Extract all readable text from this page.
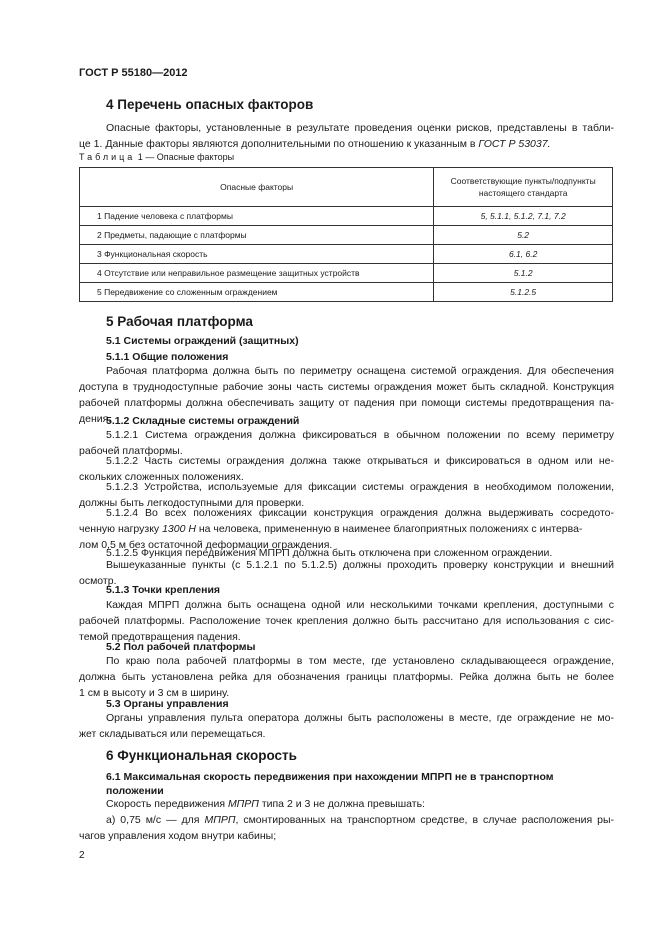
ГОСТ Р 55180—2012
4 Перечень опасных факторов
Опасные факторы, установленные в результате проведения оценки рисков, представлены в табли-
це 1. Данные факторы являются дополнительными по отношению к указанным в ГОСТ Р 53037.
Таблица 1 — Опасные факторы
Опасные факторы	Соответствующие пункты/подпункты
настоящего стандарта
1 Падение человека с платформы	5, 5.1.1, 5.1.2, 7.1, 7.2
2 Предметы, падающие с платформы	5.2
3 Функциональная скорость	6.1, 6.2
4 Отсутствие или неправильное размещение защитных устройств	5.1.2
5 Передвижение со сложенным ограждением	5.1.2.5
5 Рабочая платформа
5.1 Системы ограждений (защитных)
5.1.1 Общие положения
Рабочая платформа должна быть по периметру оснащена системой ограждения. Для обеспечения
доступа в труднодоступные рабочие зоны часть системы ограждения может быть складной. Конструкция
рабочей платформы должна обеспечивать защиту от падения при помощи системы предотвращения па-
дения.
5.1.2 Складные системы ограждений
5.1.2.1 Система ограждения должна фиксироваться в обычном положении по всему периметру
рабочей платформы.
5.1.2.2 Часть системы ограждения должна также открываться и фиксироваться в одном или не-
скольких сложенных положениях.
5.1.2.3 Устройства, используемые для фиксации системы ограждения в необходимом положении,
должны быть легкодоступными для проверки.
5.1.2.4 Во всех положениях фиксации конструкция ограждения должна выдерживать сосредото-
ченную нагрузку 1300 Н на человека, примененную в наименее благоприятных положениях с интерва-
лом 0,5 м без остаточной деформации ограждения.
5.1.2.5 Функция передвижения МПРП должна быть отключена при сложенном ограждении.
Вышеуказанные пункты (с 5.1.2.1 по 5.1.2.5) должны проходить проверку конструкции и внешний
осмотр.
5.1.3 Точки крепления
Каждая МПРП должна быть оснащена одной или несколькими точками крепления, доступными с
рабочей платформы. Расположение точек крепления должно быть рассчитано для использования с сис-
темой предотвращения падения.
5.2 Пол рабочей платформы
По краю пола рабочей платформы в том месте, где установлено складывающееся ограждение,
должна быть установлена рейка для обозначения границы платформы. Рейка должна быть не более
1 см в высоту и 3 см в ширину.
5.3 Органы управления
Органы управления пульта оператора должны быть расположены в месте, где ограждение не мо-
жет складываться или перемещаться.
6 Функциональная скорость
6.1 Максимальная скорость передвижения при нахождении МПРП не в транспортном
положении
Скорость передвижения МПРП типа 2 и 3 не должна превышать:
а) 0,75 м/с — для МПРП, смонтированных на транспортном средстве, в случае расположения ры-
чагов управления ходом внутри кабины;
2
